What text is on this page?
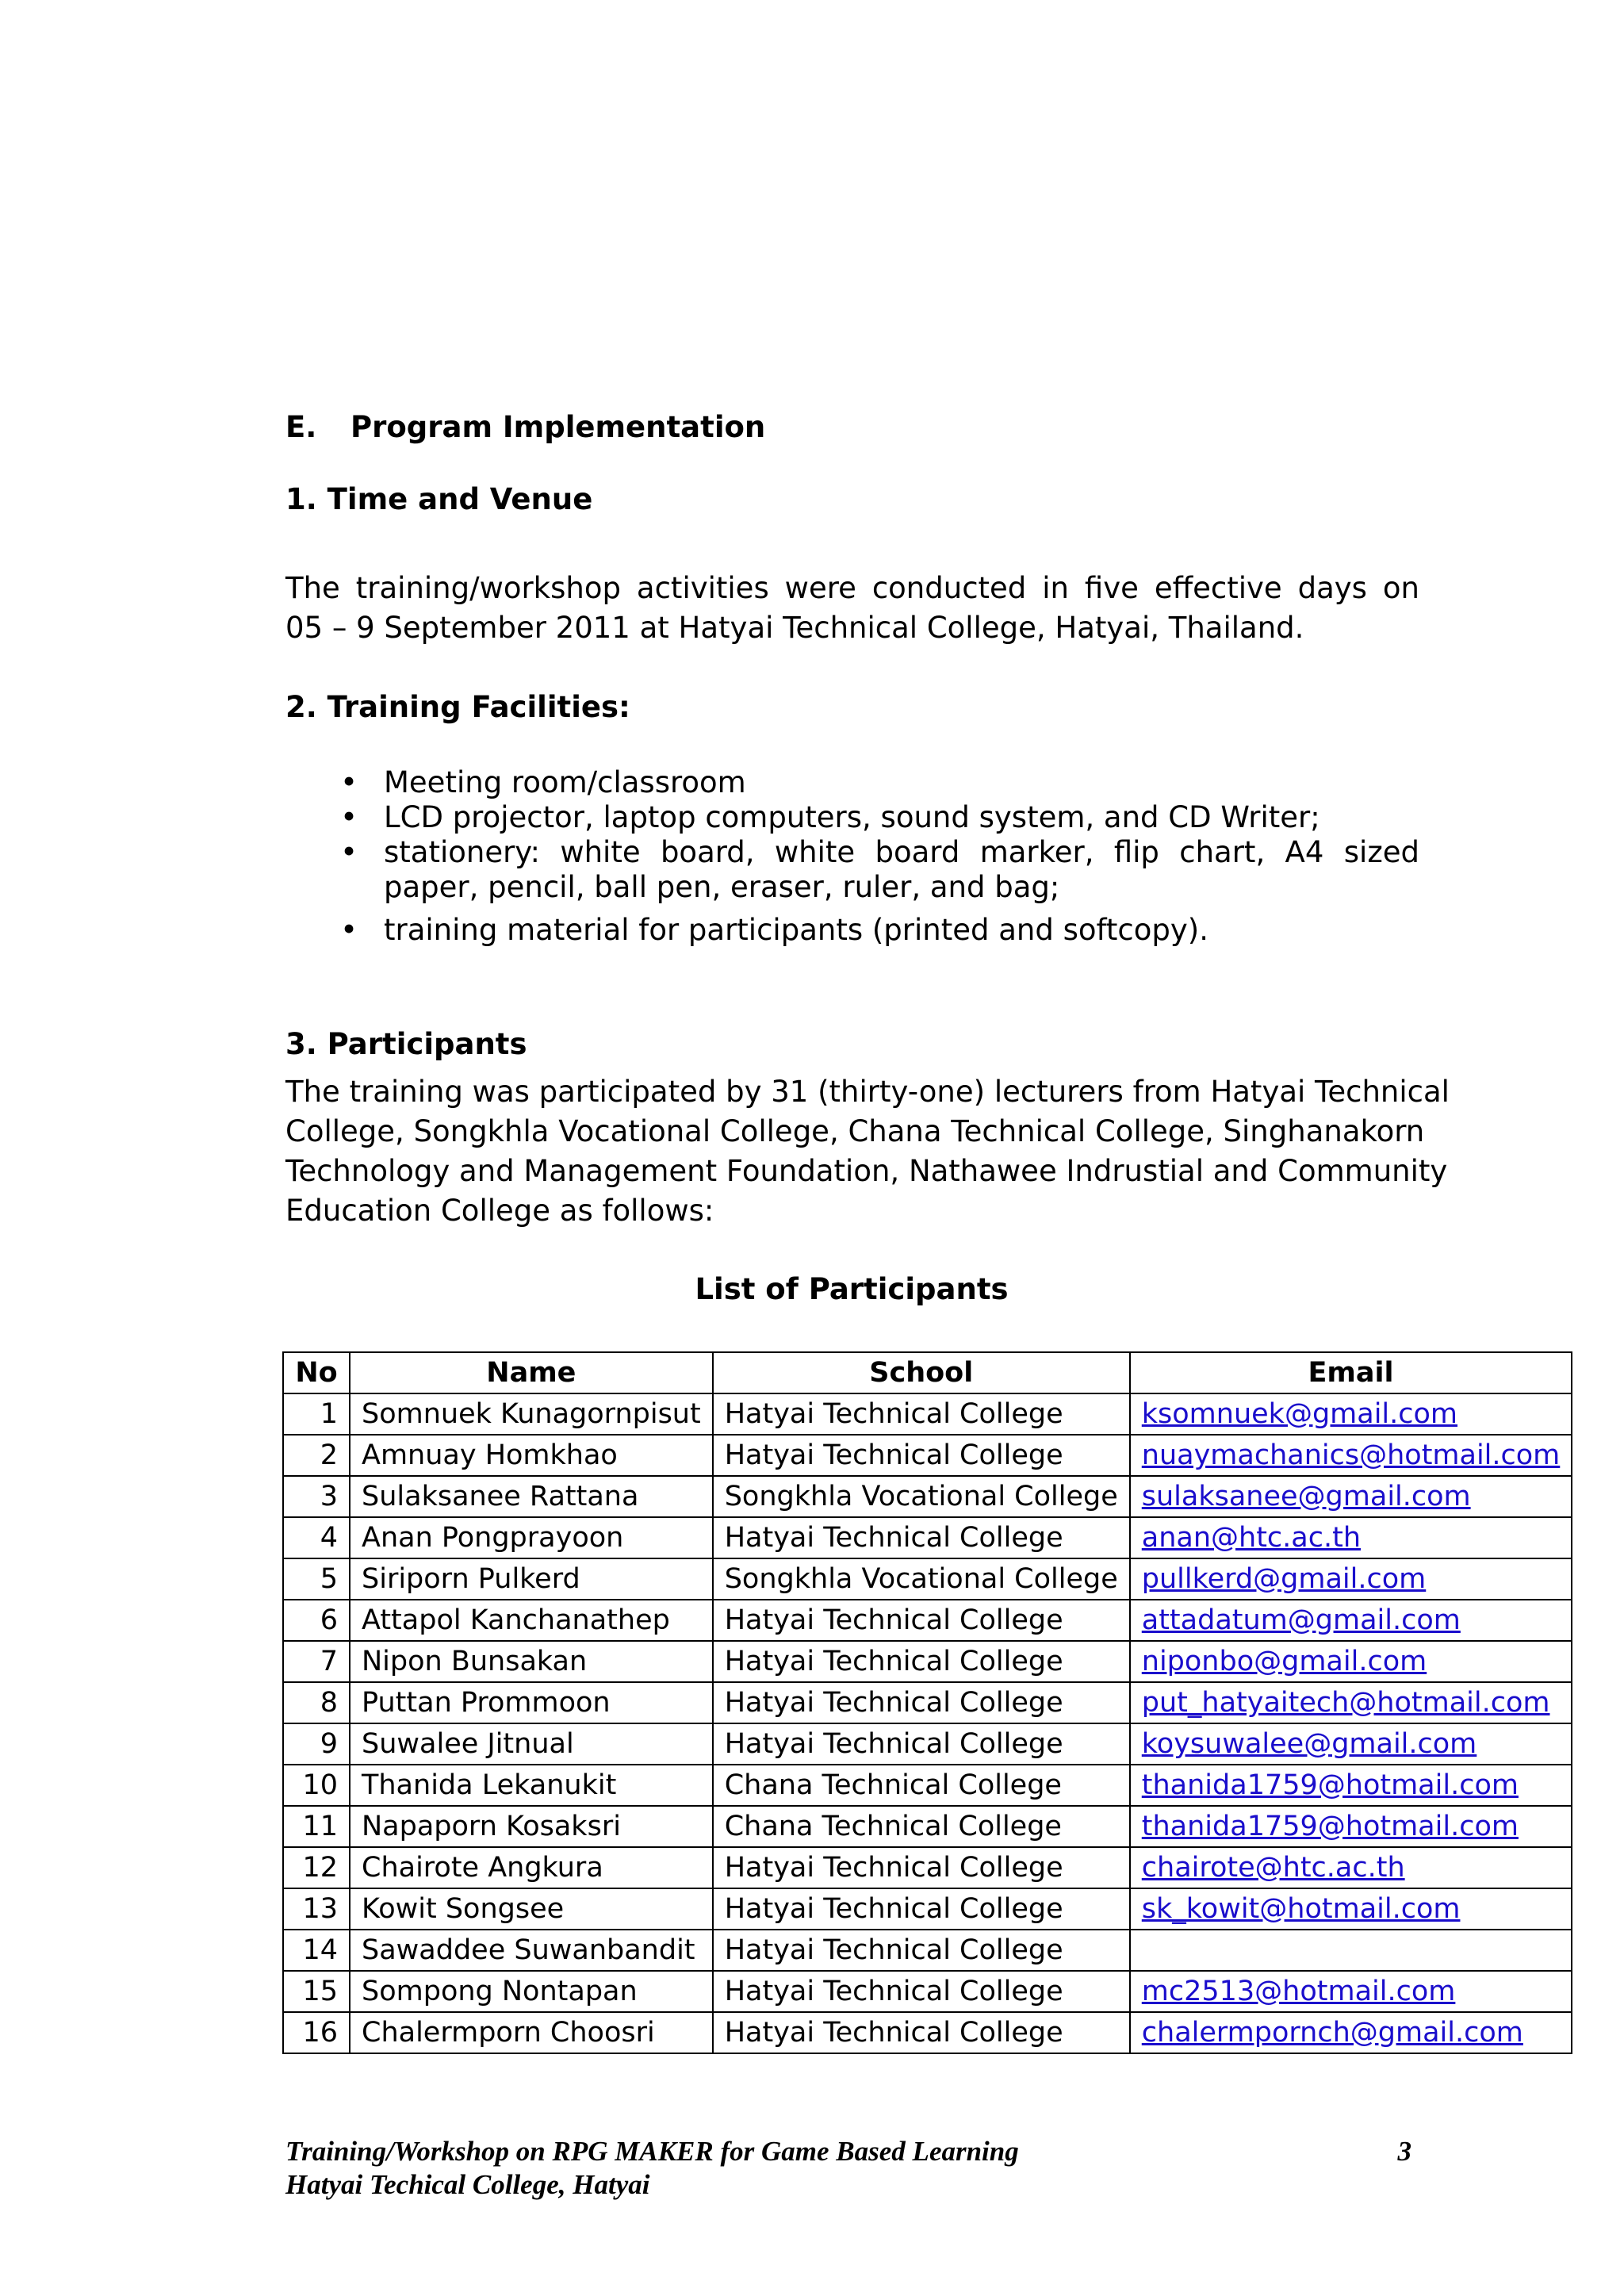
E. Program Implementation
1. Time and Venue
The training/workshop activities were conducted in five effective days on
05 – 9 September 2011 at Hatyai Technical College, Hatyai, Thailand.
2. Training Facilities:
• Meeting room/classroom
• LCD projector, laptop computers, sound system, and CD Writer;
• stationery: white board, white board marker, flip chart, A4 sized paper, pencil, ball pen, eraser, ruler, and bag;
• training material for participants (printed and softcopy).
3. Participants
The training was participated by 31 (thirty-one) lecturers from Hatyai Technical
College, Songkhla Vocational College, Chana Technical College, Singhanakorn
Technology and Management Foundation, Nathawee Indrustial and Community
Education College as follows:
List of Participants
No	Name	School	Email
1	Somnuek Kunagornpisut	Hatyai Technical College	ksomnuek@gmail.com
2	Amnuay Homkhao	Hatyai Technical College	nuaymachanics@hotmail.com
3	Sulaksanee Rattana	Songkhla Vocational College	sulaksanee@gmail.com
4	Anan Pongprayoon	Hatyai Technical College	anan@htc.ac.th
5	Siriporn Pulkerd	Songkhla Vocational College	pullkerd@gmail.com
6	Attapol Kanchanathep	Hatyai Technical College	attadatum@gmail.com
7	Nipon Bunsakan	Hatyai Technical College	niponbo@gmail.com
8	Puttan Prommoon	Hatyai Technical College	put_hatyaitech@hotmail.com
9	Suwalee Jitnual	Hatyai Technical College	koysuwalee@gmail.com
10	Thanida Lekanukit	Chana Technical College	thanida1759@hotmail.com
11	Napaporn Kosaksri	Chana Technical College	thanida1759@hotmail.com
12	Chairote Angkura	Hatyai Technical College	chairote@htc.ac.th
13	Kowit Songsee	Hatyai Technical College	sk_kowit@hotmail.com
14	Sawaddee Suwanbandit	Hatyai Technical College	
15	Sompong Nontapan	Hatyai Technical College	mc2513@hotmail.com
16	Chalermporn Choosri	Hatyai Technical College	chalermpornch@gmail.com
Training/Workshop on RPG MAKER for Game Based Learning
Hatyai Techical College, Hatyai
3
